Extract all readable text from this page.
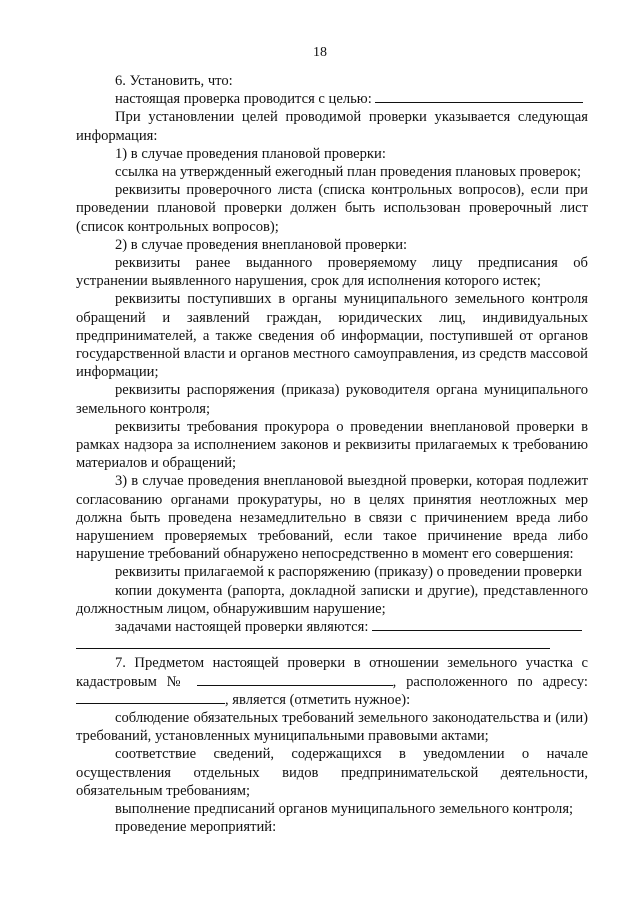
18

6. Установить, что:

настоящая проверка проводится с целью:

При установлении целей проводимой проверки указывается следующая информация:

1) в случае проведения плановой проверки:

ссылка на утвержденный ежегодный план проведения плановых проверок;

реквизиты проверочного листа (списка контрольных вопросов), если при проведении плановой проверки должен быть использован проверочный лист (список контрольных вопросов);

2) в случае проведения внеплановой проверки:

реквизиты ранее выданного проверяемому лицу предписания об устранении выявленного нарушения, срок для исполнения которого истек;

реквизиты поступивших в органы муниципального земельного контроля обращений и заявлений граждан, юридических лиц, индивидуальных предпринимателей, а также сведения об информации, поступившей от органов государственной власти и органов местного самоуправления, из средств массовой информации;

реквизиты распоряжения (приказа) руководителя органа муниципального земельного контроля;

реквизиты требования прокурора о проведении внеплановой проверки в рамках надзора за исполнением законов и реквизиты прилагаемых к требованию материалов и обращений;

3) в случае проведения внеплановой выездной проверки, которая подлежит согласованию органами прокуратуры, но в целях принятия неотложных мер должна быть проведена незамедлительно в связи с причинением вреда либо нарушением проверяемых требований, если такое причинение вреда либо нарушение требований обнаружено непосредственно в момент его совершения:

реквизиты прилагаемой к распоряжению (приказу) о проведении проверки

копии документа (рапорта, докладной записки и другие), представленного должностным лицом, обнаружившим нарушение;

задачами настоящей проверки являются:

7. Предметом настоящей проверки в отношении земельного участка с кадастровым №	, расположенного по адресу: , является (отметить нужное):

соблюдение обязательных требований земельного законодательства и (или) требований, установленных муниципальными правовыми актами;

соответствие сведений, содержащихся в уведомлении о начале осуществления отдельных видов предпринимательской деятельности, обязательным требованиям;

выполнение предписаний органов муниципального земельного контроля;

проведение мероприятий:
